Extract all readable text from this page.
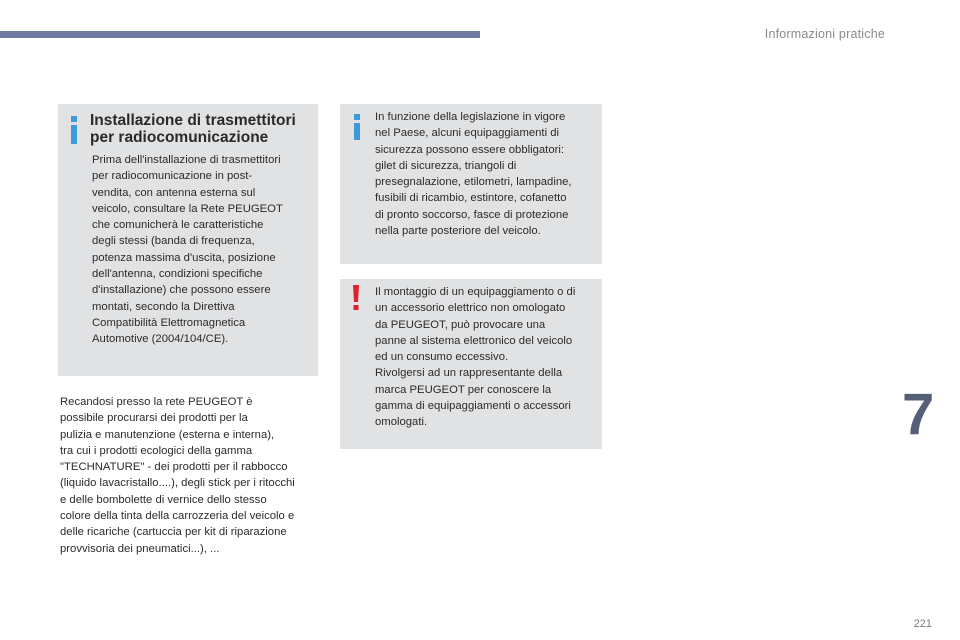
Informazioni pratiche
Installazione di trasmettitori
per radiocomunicazione
Prima dell'installazione di trasmettitori
per radiocomunicazione in post-
vendita, con antenna esterna sul
veicolo, consultare la Rete PEUGEOT
che comunicherà le caratteristiche
degli stessi (banda di frequenza,
potenza massima d'uscita, posizione
dell'antenna, condizioni specifiche
d'installazione) che possono essere
montati, secondo la Direttiva
Compatibilità Elettromagnetica
Automotive (2004/104/CE).
Recandosi presso la rete PEUGEOT è
possibile procurarsi dei prodotti per la
pulizia e manutenzione (esterna e interna),
tra cui i prodotti ecologici della gamma
"TECHNATURE" - dei prodotti per il rabbocco
(liquido lavacristallo....), degli stick per i ritocchi
e delle bombolette di vernice dello stesso
colore della tinta della carrozzeria del veicolo e
delle ricariche (cartuccia per kit di riparazione
provvisoria dei pneumatici...), ...
In funzione della legislazione in vigore
nel Paese, alcuni equipaggiamenti di
sicurezza possono essere obbligatori:
gilet di sicurezza, triangoli di
presegnalazione, etilometri, lampadine,
fusibili di ricambio, estintore, cofanetto
di pronto soccorso, fasce di protezione
nella parte posteriore del veicolo.
Il montaggio di un equipaggiamento o di
un accessorio elettrico non omologato
da PEUGEOT, può provocare una
panne al sistema elettronico del veicolo
ed un consumo eccessivo.
Rivolgersi ad un rappresentante della
marca PEUGEOT per conoscere la
gamma di equipaggiamenti o accessori
omologati.	7
221
